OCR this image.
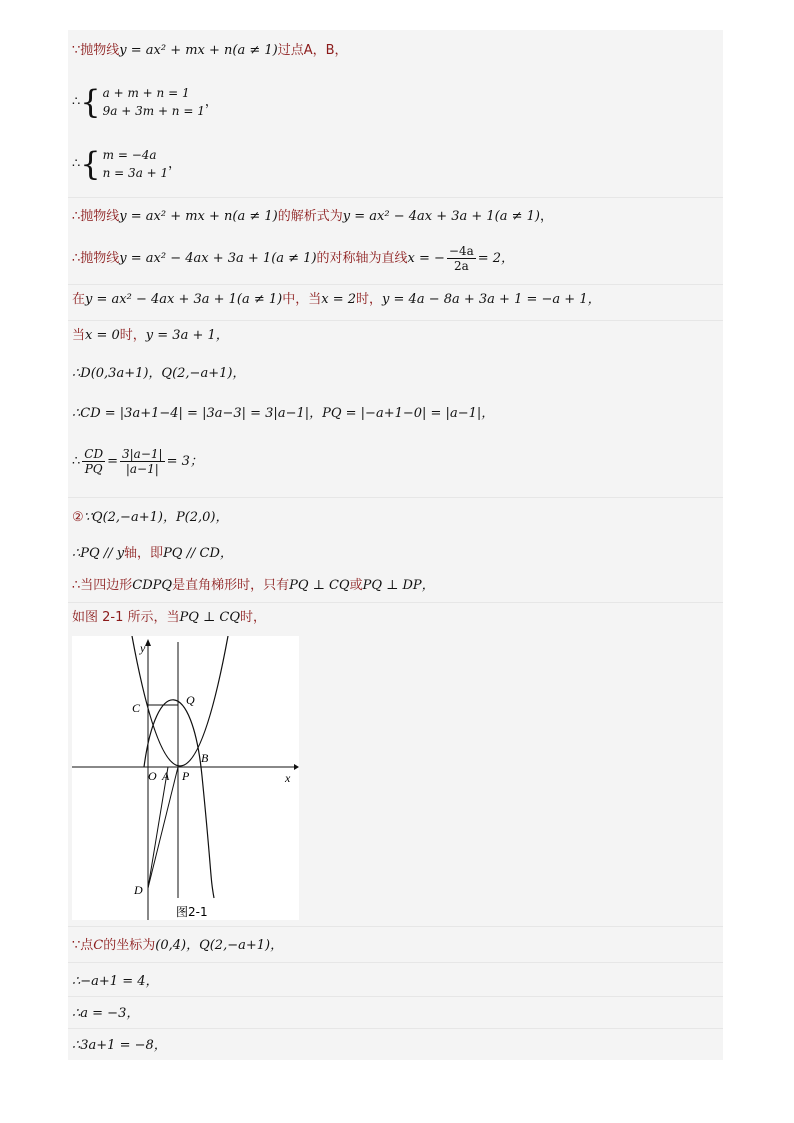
∵抛物线y = ax² + mx + n(a ≠ 1)过点A，B，
∴{ a + m + n = 1
9a + 3m + n = 1
，
∴{ m = −4a
n = 3a + 1
，
∴抛物线y = ax² + mx + n(a ≠ 1)的解析式为y = ax² − 4ax + 3a + 1(a ≠ 1)，
∴抛物线y = ax² − 4ax + 3a + 1(a ≠ 1)的对称轴为直线x = − $\frac{-4a}{2a} = 2$，
在y = ax² − 4ax + 3a + 1(a ≠ 1)中，当x = 2时，y = 4a − 8a + 3a + 1 = −a + 1，
当x = 0时，y = 3a + 1，
∴D(0,3a+1)，Q(2,−a+1)，
∴CD = |3a+1−4| = |3a−3| = 3|a−1|，PQ = |−a+1−0| = |a−1|，
∴ $\frac{CD}{PQ} = \frac{3|a-1|}{|a-1|} = 3$；
②∵Q(2,−a+1)，P(2,0)，
∴PQ // y轴，即PQ // CD，
∴当四边形CDPQ是直角梯形时，只有PQ ⊥ CQ或PQ ⊥ DP，
如图 2-1 所示，当PQ ⊥ CQ时，
y
x
C
Q
O A P
B
D
图2-1
∵点C的坐标为(0,4)，Q(2,−a+1)，
∴−a+1 = 4，
∴a = −3，
∴3a+1 = −8，
